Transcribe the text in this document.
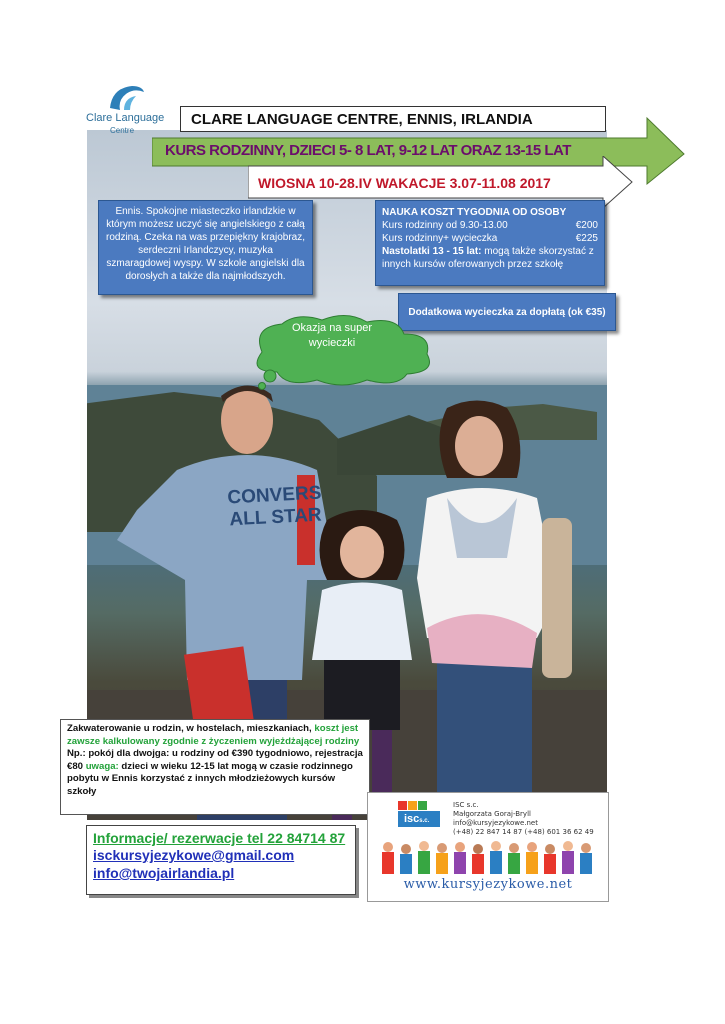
CONVERS
ALL STAR
Clare Language
Centre
KURS RODZINNY, DZIECI 5- 8 LAT, 9-12 LAT ORAZ 13-15 LAT
CLARE LANGUAGE CENTRE, ENNIS, IRLANDIA
WIOSNA 10-28.IV WAKACJE 3.07-11.08 2017
Ennis. Spokojne miasteczko irlandzkie w którym możesz uczyć się angielskiego z całą rodziną. Czeka na was przepiękny krajobraz, serdeczni Irlandczycy, muzyka szmaragdowej wyspy. W szkole angielski dla dorosłych a także dla najmłodszych.
NAUKA KOSZT TYGODNIA OD OSOBY
Kurs rodzinny od 9.30-13.00	€200
Kurs rodzinny+ wycieczka	€225
Nastolatki 13 - 15 lat: mogą także skorzystać z innych kursów oferowanych przez szkołę
Dodatkowa wycieczka za dopłatą (ok €35)
Okazja na super wycieczki
Zakwaterowanie u rodzin, w hostelach, mieszkaniach, koszt jest zawsze kalkulowany zgodnie z życzeniem wyjeżdżającej rodziny Np.: pokój dla dwojga: u rodziny od €390 tygodniowo, rejestracja €80 uwaga: dzieci w wieku 12-15 lat mogą w czasie rodzinnego pobytu w Ennis korzystać z innych młodzieżowych kursów szkoły
Informacje/ rezerwacje tel 22 84714 87
isckursyjezykowe@gmail.com
info@twojairlandia.pl
iscs.c.
ISC s.c.
Małgorzata Goraj-Bryll
info@kursyjezykowe.net
(+48) 22 847 14 87 (+48) 601 36 62 49
www.kursyjezykowe.net
